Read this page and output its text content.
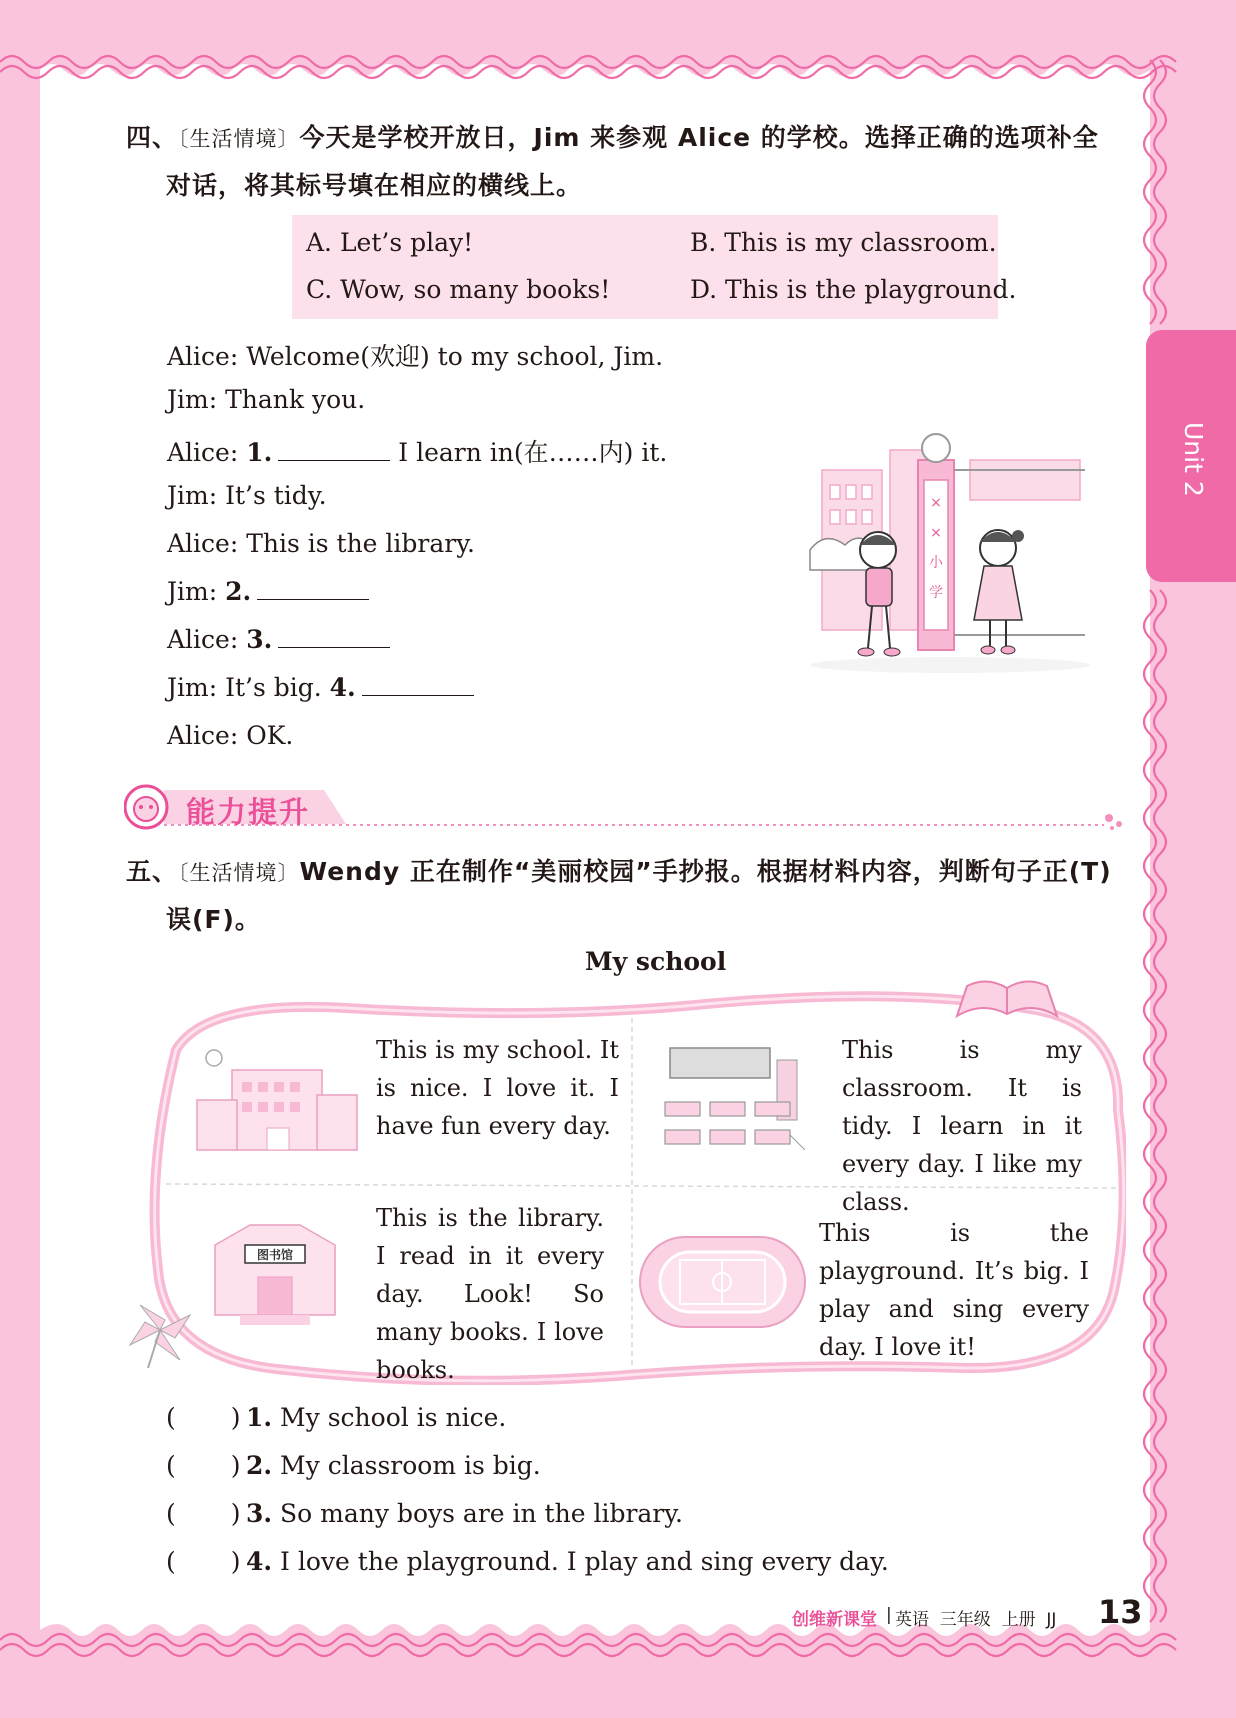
Unit 2
四、〔生活情境〕今天是学校开放日，Jim 来参观 Alice 的学校。选择正确的选项补全
对话，将其标号填在相应的横线上。
A. Let’s play!	B. This is my classroom.
C. Wow, so many books!	D. This is the playground.
Alice: Welcome(欢迎) to my school, Jim.
Jim: Thank you.
Alice: 1.	I learn in(在……内) it.
Jim: It’s tidy.
Alice: This is the library.
Jim: 2.
Alice: 3.
Jim: It’s big. 4.
Alice: OK.
×
×
小
学
能力提升
五、〔生活情境〕Wendy 正在制作“美丽校园”手抄报。根据材料内容，判断句子正(T)
误(F)。
My school
图书馆
This is my school. It is nice. I love it. I have fun every day.
This is my classroom. It is tidy. I learn in it every day. I like my class.
This is the library. I read in it every day. Look! So many books. I love books.
This is the playground. It’s big. I play and sing every day. I love it!
( ) 1. My school is nice.
( ) 2. My classroom is big.
( ) 3. So many boys are in the library.
( ) 4. I love the playground. I play and sing every day.
创维新课堂 | 英语  三年级  上册  JJ 13
